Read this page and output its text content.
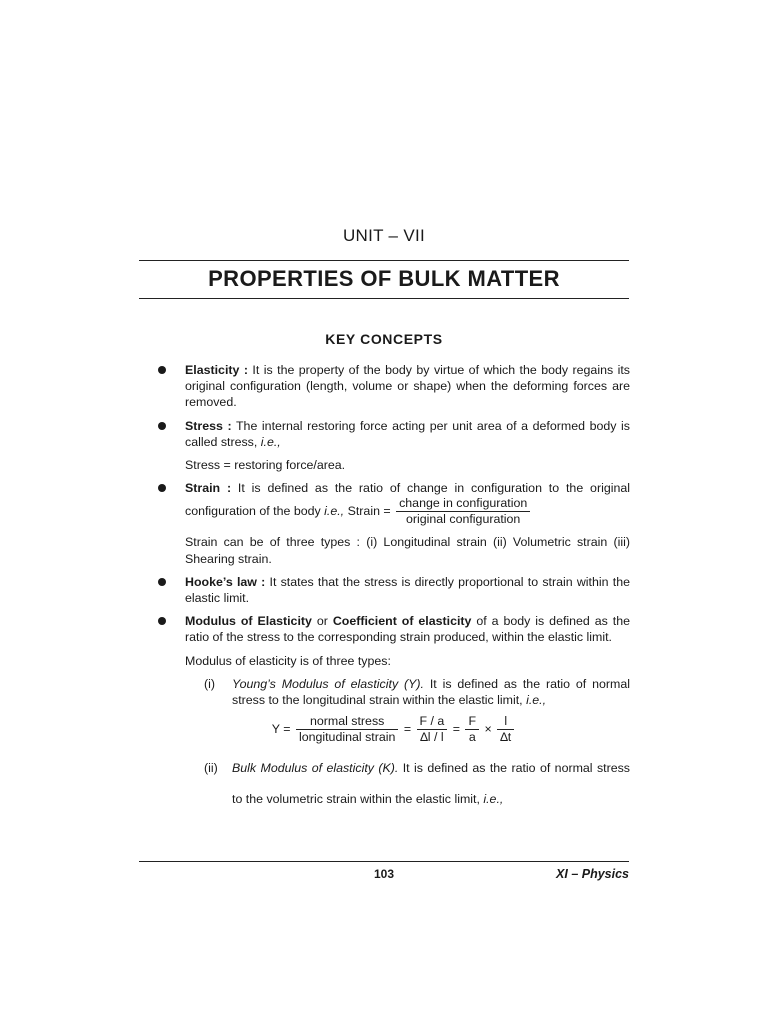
UNIT – VII
PROPERTIES OF BULK MATTER
KEY CONCEPTS
Elasticity : It is the property of the body by virtue of which the body regains its original configuration (length, volume or shape) when the deforming forces are removed.
Stress : The internal restoring force acting per unit area of a deformed body is called stress, i.e.,
Stress = restoring force/area.
Strain : It is defined as the ratio of change in configuration to the original configuration of the body i.e., Strain = $\frac{\text{change in configuration}}{\text{original configuration}}$
Strain can be of three types : (i) Longitudinal strain (ii) Volumetric strain (iii) Shearing strain.
Hooke’s law : It states that the stress is directly proportional to strain within the elastic limit.
Modulus of Elasticity or Coefficient of elasticity of a body is defined as the ratio of the stress to the corresponding strain produced, within the elastic limit.
Modulus of elasticity is of three types:
(i) Young’s Modulus of elasticity (Y). It is defined as the ratio of normal stress to the longitudinal strain within the elastic limit, i.e.,
$Y = \frac{\text{normal stress}}{\text{longitudinal strain}} = \frac{F / a}{\Delta l / l} = \frac{F}{a} \times \frac{l}{\Delta t}$
(ii) Bulk Modulus of elasticity (K). It is defined as the ratio of normal stress to the volumetric strain within the elastic limit, i.e.,
103	XI – Physics
